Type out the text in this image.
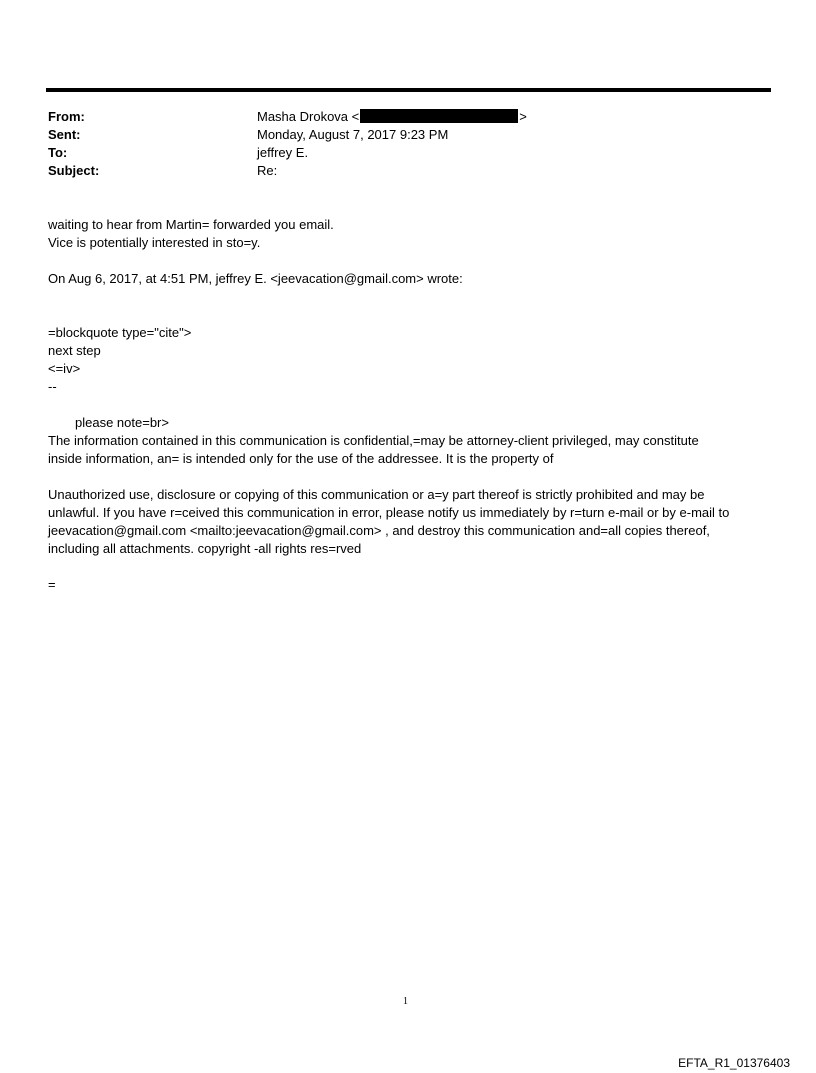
From:	Masha Drokova <	>
Sent:	Monday, August 7, 2017 9:23 PM
To:	jeffrey E.
Subject:	Re:
waiting to hear from Martin= forwarded you email.
Vice is potentially interested in sto=y.
On Aug 6, 2017, at 4:51 PM, jeffrey E. <jeevacation@gmail.com> wrote:
=blockquote type="cite">
next step
<=iv>
--
please note=br>
The information contained in this communication is confidential,=may be attorney-client privileged, may constitute
inside information, an= is intended only for the use of the addressee. It is the property of
Unauthorized use, disclosure or copying of this communication or a=y part thereof is strictly prohibited and may be
unlawful. If you have r=ceived this communication in error, please notify us immediately by r=turn e-mail or by e-mail to
jeevacation@gmail.com <mailto:jeevacation@gmail.com> , and destroy this communication and=all copies thereof,
including all attachments. copyright -all rights res=rved
=
1
EFTA_R1_01376403
